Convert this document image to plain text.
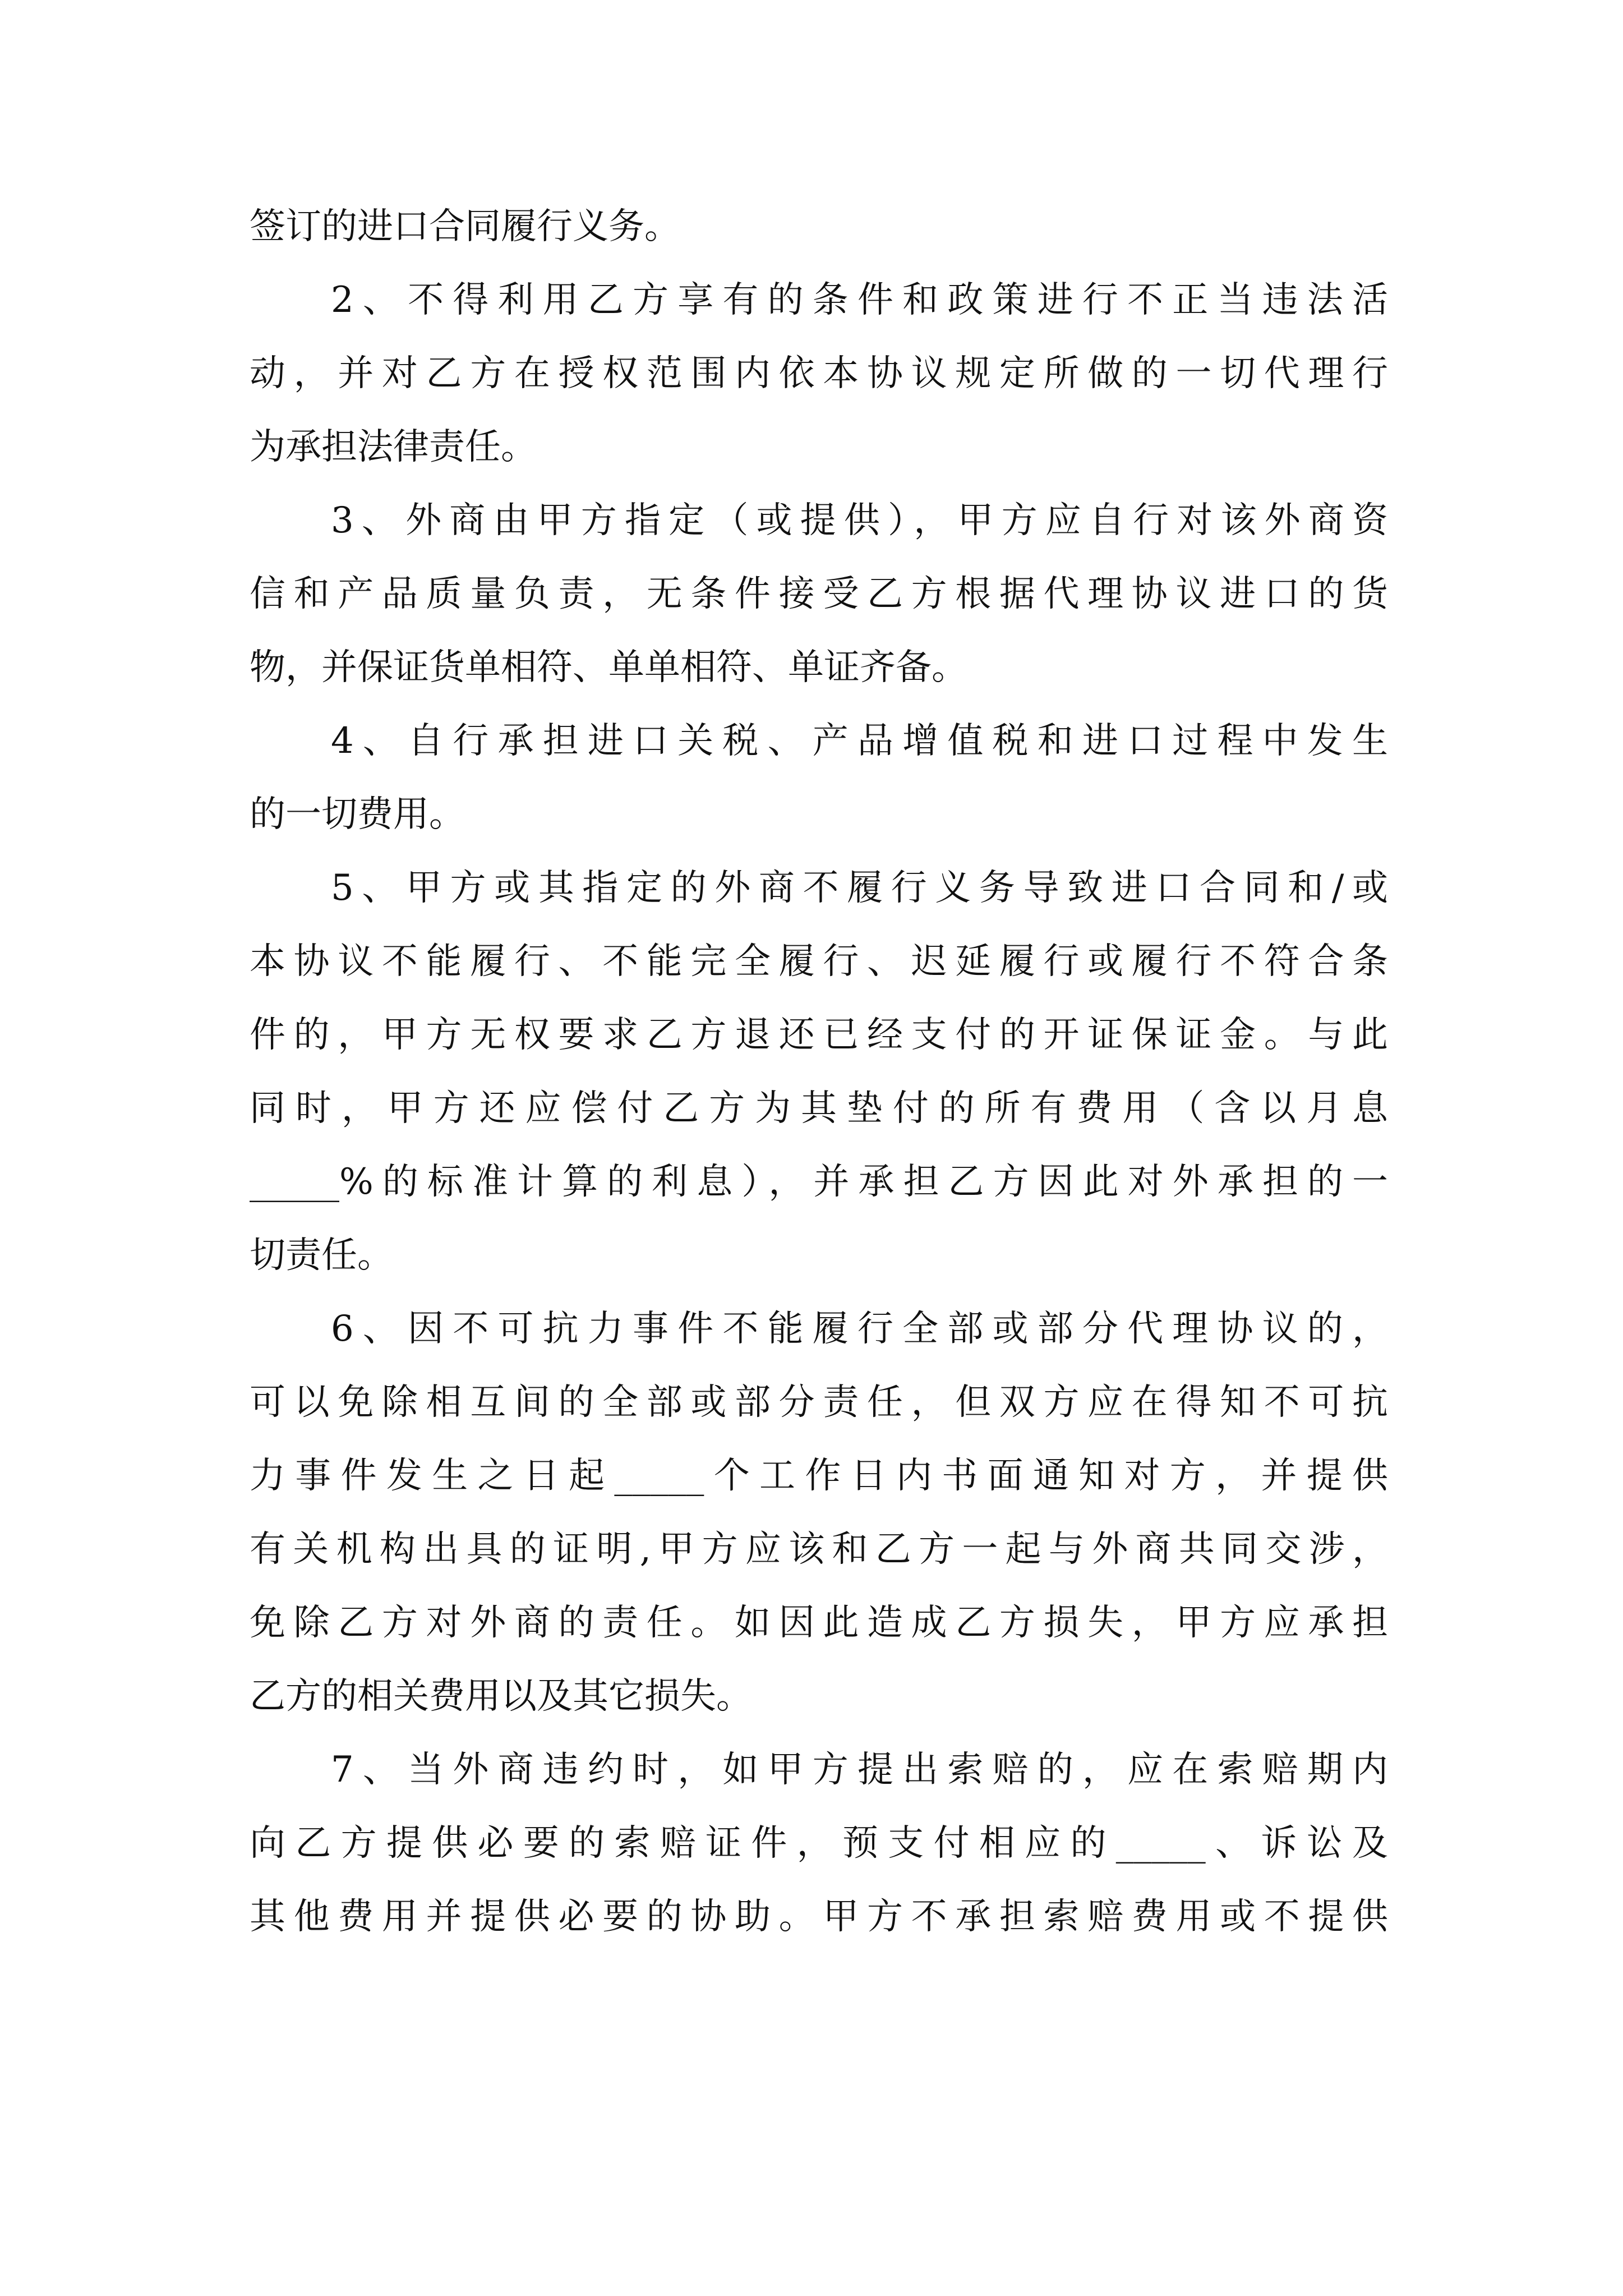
签订的进口合同履行义务。
2、不得利用乙方享有的条件和政策进行不正当违法活
动，并对乙方在授权范围内依本协议规定所做的一切代理行
为承担法律责任。
3、外商由甲方指定（或提供），甲方应自行对该外商资
信和产品质量负责，无条件接受乙方根据代理协议进口的货
物，并保证货单相符、单单相符、单证齐备。
4、自行承担进口关税、产品增值税和进口过程中发生
的一切费用。
5、甲方或其指定的外商不履行义务导致进口合同和/或
本协议不能履行、不能完全履行、迟延履行或履行不符合条
件的，甲方无权要求乙方退还已经支付的开证保证金。与此
同时，甲方还应偿付乙方为其垫付的所有费用（含以月息
_____%的标准计算的利息），并承担乙方因此对外承担的一
切责任。
6、因不可抗力事件不能履行全部或部分代理协议的，
可以免除相互间的全部或部分责任，但双方应在得知不可抗
力事件发生之日起_____个工作日内书面通知对方，并提供
有关机构出具的证明,甲方应该和乙方一起与外商共同交涉，
免除乙方对外商的责任。如因此造成乙方损失，甲方应承担
乙方的相关费用以及其它损失。
7、当外商违约时，如甲方提出索赔的，应在索赔期内
向乙方提供必要的索赔证件，预支付相应的_____、诉讼及
其他费用并提供必要的协助。甲方不承担索赔费用或不提供
